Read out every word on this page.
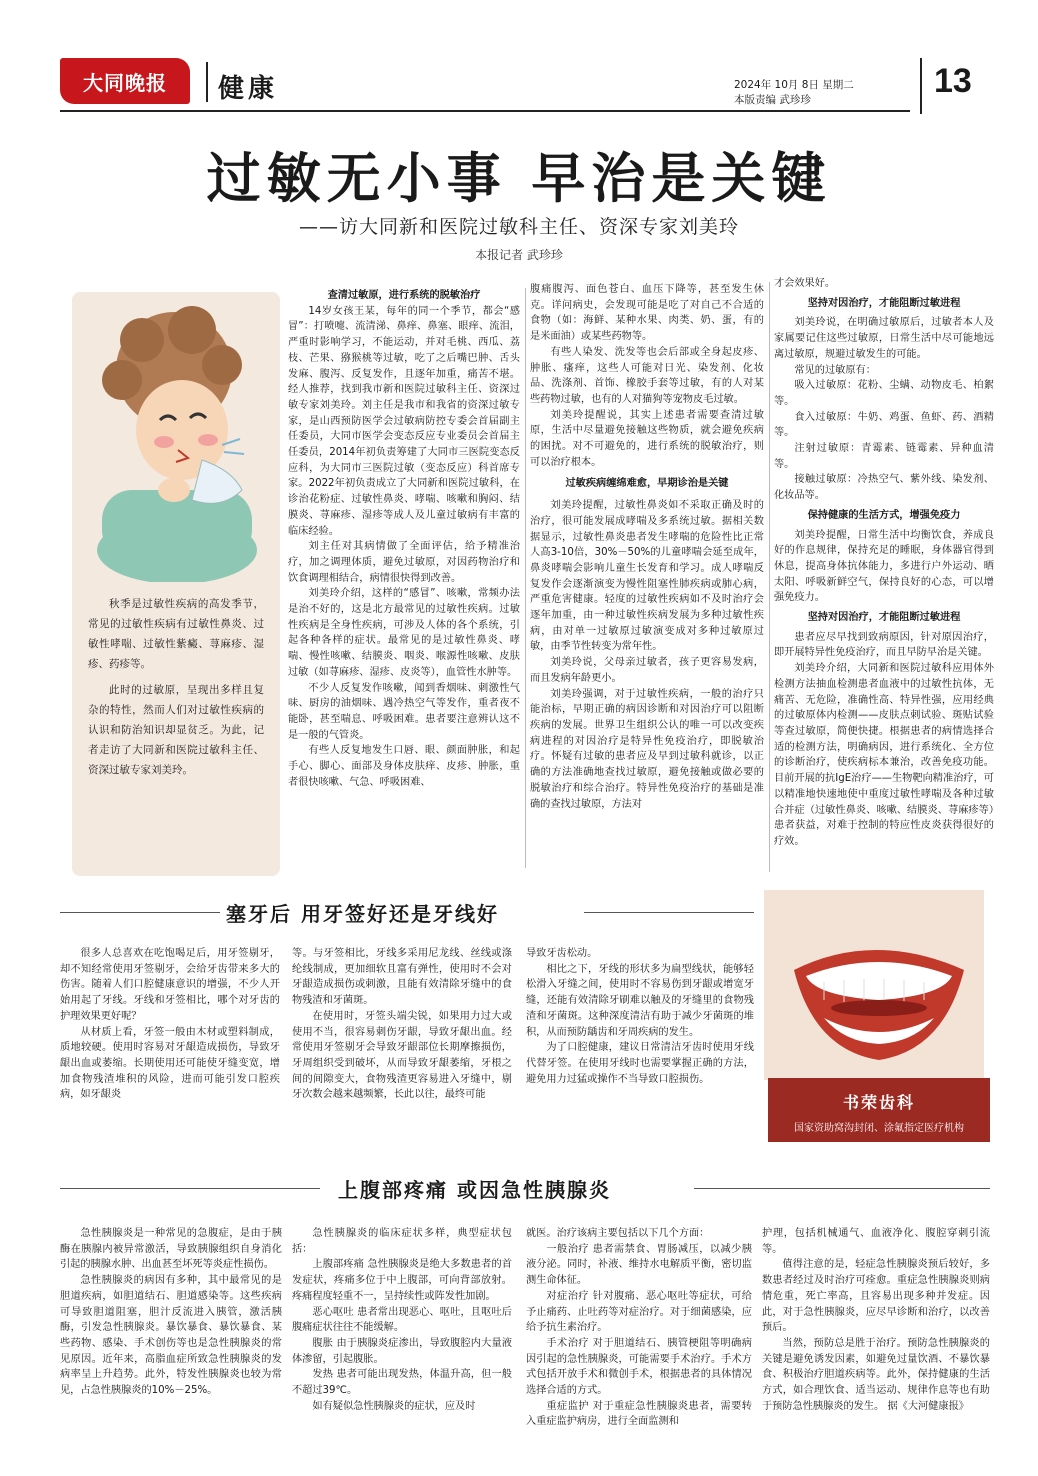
大同晚报	健康	2024年 10月 8日 星期二
本版责编 武珍珍	13
过敏无小事 早治是关键
——访大同新和医院过敏科主任、资深专家刘美玲
本报记者 武珍珍

秋季是过敏性疾病的高发季节，常见的过敏性疾病有过敏性鼻炎、过敏性哮喘、过敏性紫癜、荨麻疹、湿疹、药疹等。

此时的过敏原，呈现出多样且复杂的特性，然而人们对过敏性疾病的认识和防治知识却显贫乏。为此，记者走访了大同新和医院过敏科主任、资深过敏专家刘美玲。

查清过敏原，进行系统的脱敏治疗

14岁女孩王某，每年的同一个季节，都会“感冒”：打喷嚏、流清涕、鼻痒、鼻塞、眼痒、流泪，严重时影响学习，不能运动，并对毛桃、西瓜、荔枝、芒果、猕猴桃等过敏，吃了之后嘴巴肿、舌头发麻、腹泻、反复发作，且逐年加重，痛苦不堪。经人推荐，找到我市新和医院过敏科主任、资深过敏专家刘美玲。刘主任是我市和我省的资深过敏专家，是山西预防医学会过敏病防控专委会首届副主任委员，大同市医学会变态反应专业委员会首届主任委员，2014年初负责筹建了大同市三医院变态反应科，为大同市三医院过敏（变态反应）科首席专家。2022年初负责成立了大同新和医院过敏科，在诊治花粉症、过敏性鼻炎、哮喘、咳嗽和胸闷、结膜炎、荨麻疹、湿疹等成人及儿童过敏病有丰富的临床经验。

刘主任对其病情做了全面评估，给予精准治疗，加之调理体质，避免过敏原，对因药物治疗和饮食调理相结合，病情很快得到改善。

刘美玲介绍，这样的“感冒”、咳嗽，常频办法是治不好的，这是北方最常见的过敏性疾病。过敏性疾病是全身性疾病，可涉及人体的各个系统，引起各种各样的症状。最常见的是过敏性鼻炎、哮喘、慢性咳嗽、结膜炎、咽炎、喉源性咳嗽、皮肤过敏（如荨麻疹、湿疹、皮炎等），血管性水肿等。

不少人反复发作咳嗽，闻到香烟味、刺激性气味、厨房的油烟味、遇冷热空气等发作，重者夜不能卧，甚至喘息、呼吸困难。患者要注意辨认这不是一般的气管炎。

有些人反复地发生口唇、眼、颜面肿胀，和起手心、脚心、面部及身体皮肤痒、皮疹、肿胀，重者很快咳嗽、气急、呼吸困难、

腹痛腹泻、面色苍白、血压下降等，甚至发生休克。详问病史，会发现可能是吃了对自己不合适的食物（如：海鲜、某种水果、肉类、奶、蛋，有的是米面油）或某些药物等。

有些人染发、洗发等也会后部或全身起皮疹、肿胀、瘙痒，这些人可能对日光、染发剂、化妆品、洗涤剂、首饰、橡胶手套等过敏，有的人对某些药物过敏，也有的人对猫狗等宠物皮毛过敏。

刘美玲提醒说，其实上述患者需要查清过敏原，生活中尽量避免接触这些物质，就会避免疾病的困扰。对不可避免的，进行系统的脱敏治疗，则可以治疗根本。

过敏疾病缠绵难愈，早期诊治是关键

刘美玲提醒，过敏性鼻炎如不采取正确及时的治疗，很可能发展成哮喘及多系统过敏。据相关数据显示，过敏性鼻炎患者发生哮喘的危险性比正常人高3-10倍，30%－50%的儿童哮喘会延至成年，鼻炎哮喘会影响儿童生长发育和学习。成人哮喘反复发作会逐渐演变为慢性阻塞性肺疾病或肺心病，严重危害健康。轻度的过敏性疾病如不及时治疗会逐年加重，由一种过敏性疾病发展为多种过敏性疾病，由对单一过敏原过敏演变成对多种过敏原过敏，由季节性转变为常年性。

刘美玲说，父母亲过敏者，孩子更容易发病，而且发病年龄更小。

刘美玲强调，对于过敏性疾病，一般的治疗只能治标，早期正确的病因诊断和对因治疗可以阻断疾病的发展。世界卫生组织公认的唯一可以改变疾病进程的对因治疗是特异性免疫治疗，即脱敏治疗。怀疑有过敏的患者应及早到过敏科就诊，以正确的方法准确地查找过敏原，避免接触或做必要的脱敏治疗和综合治疗。特异性免疫治疗的基础是准确的查找过敏原，方法对

才会效果好。

坚持对因治疗，才能阻断过敏进程

刘美玲说，在明确过敏原后，过敏者本人及家属要记住这些过敏原，日常生活中尽可能地远离过敏原，规避过敏发生的可能。

常见的过敏原有：

吸入过敏原：花粉、尘螨、动物皮毛、柏絮等。

食入过敏原：牛奶、鸡蛋、鱼虾、药、酒精等。

注射过敏原：青霉素、链霉素、异种血清等。

接触过敏原：冷热空气、紫外线、染发剂、化妆品等。

保持健康的生活方式，增强免疫力

刘美玲提醒，日常生活中均衡饮食，养成良好的作息规律，保持充足的睡眠，身体器官得到休息，提高身体抗体能力，多进行户外运动、晒太阳、呼吸新鲜空气，保持良好的心态，可以增强免疫力。

坚持对因治疗，才能阻断过敏进程

患者应尽早找到致病原因，针对原因治疗，即开展特异性免疫治疗，而且早防早治是关键。

刘美玲介绍，大同新和医院过敏科应用体外检测方法抽血检测患者血液中的过敏性抗体，无痛苦、无危险，准确性高、特异性强，应用经典的过敏原体内检测——皮肤点刺试验、斑贴试验等查过敏原，简便快捷。根据患者的病情选择合适的检测方法，明确病因，进行系统化、全方位的诊断治疗，使疾病标本兼治，改善免疫功能。目前开展的抗IgE治疗——生物靶向精准治疗，可以精准地快速地使中重度过敏性哮喘及各种过敏合并症（过敏性鼻炎、咳嗽、结膜炎、荨麻疹等）患者获益，对难于控制的特应性皮炎获得很好的疗效。

塞牙后 用牙签好还是牙线好

很多人总喜欢在吃饱喝足后，用牙签剔牙，却不知经常使用牙签剔牙，会给牙齿带来多大的伤害。随着人们口腔健康意识的增强，不少人开始用起了牙线。牙线和牙签相比，哪个对牙齿的护理效果更好呢？

从材质上看，牙签一般由木材或塑料制成，质地较硬。使用时容易对牙龈造成损伤，导致牙龈出血或萎缩。长期使用还可能使牙缝变宽，增加食物残渣堆积的风险，进而可能引发口腔疾病，如牙龈炎

等。与牙签相比，牙线多采用尼龙线、丝线或涤纶线制成，更加细软且富有弹性，使用时不会对牙龈造成损伤或刺激，且能有效清除牙缝中的食物残渣和牙菌斑。

在使用时，牙签头端尖锐，如果用力过大或使用不当，很容易刺伤牙龈，导致牙龈出血。经常使用牙签剔牙会导致牙龈部位长期摩擦损伤，牙周组织受到破坏，从而导致牙龈萎缩，牙根之间的间隙变大，食物残渣更容易进入牙缝中，剔牙次数会越来越频繁，长此以往，最终可能

导致牙齿松动。

相比之下，牙线的形状多为扁型线状，能够轻松滑入牙缝之间，使用时不容易伤到牙龈或增宽牙缝，还能有效清除牙刷难以触及的牙缝里的食物残渣和牙菌斑。这种深度清洁有助于减少牙菌斑的堆积，从而预防龋齿和牙周疾病的发生。

为了口腔健康，建议日常清洁牙齿时使用牙线代替牙签。在使用牙线时也需要掌握正确的方法，避免用力过猛或操作不当导致口腔损伤。

书荣齿科
国家资助窝沟封闭、涂氟指定医疗机构
上腹部疼痛 或因急性胰腺炎

急性胰腺炎是一种常见的急腹症，是由于胰酶在胰腺内被异常激活，导致胰腺组织自身消化引起的胰腺水肿、出血甚至坏死等炎症性损伤。

急性胰腺炎的病因有多种，其中最常见的是胆道疾病，如胆道结石、胆道感染等。这些疾病可导致胆道阻塞，胆汁反流进入胰管，激活胰酶，引发急性胰腺炎。暴饮暴食、暴饮暴食、某些药物、感染、手术创伤等也是急性胰腺炎的常见原因。近年来，高脂血症所致急性胰腺炎的发病率呈上升趋势。此外，特发性胰腺炎也较为常见，占急性胰腺炎的10%－25%。

急性胰腺炎的临床症状多样，典型症状包括：

上腹部疼痛 急性胰腺炎是绝大多数患者的首发症状，疼痛多位于中上腹部，可向背部放射。疼痛程度轻重不一，呈持续性或阵发性加剧。

恶心呕吐 患者常出现恶心、呕吐，且呕吐后腹痛症状往往不能缓解。

腹胀 由于胰腺炎症渗出，导致腹腔内大量液体渗留，引起腹胀。

发热 患者可能出现发热，体温升高，但一般不超过39℃。

如有疑似急性胰腺炎的症状，应及时

就医。治疗该病主要包括以下几个方面：

一般治疗 患者需禁食、胃肠减压，以减少胰液分泌。同时，补液、维持水电解质平衡，密切监测生命体征。

对症治疗 针对腹痛、恶心呕吐等症状，可给予止痛药、止吐药等对症治疗。对于细菌感染，应给予抗生素治疗。

手术治疗 对于胆道结石、胰管梗阻等明确病因引起的急性胰腺炎，可能需要手术治疗。手术方式包括开放手术和微创手术，根据患者的具体情况选择合适的方式。

重症监护 对于重症急性胰腺炎患者，需要转入重症监护病房，进行全面监测和

护理，包括机械通气、血液净化、腹腔穿刺引流等。

值得注意的是，轻症急性胰腺炎预后较好，多数患者经过及时治疗可痊愈。重症急性胰腺炎则病情危重，死亡率高，且容易出现多种并发症。因此，对于急性胰腺炎，应尽早诊断和治疗，以改善预后。

当然，预防总是胜于治疗。预防急性胰腺炎的关键是避免诱发因素，如避免过量饮酒、不暴饮暴食、积极治疗胆道疾病等。此外，保持健康的生活方式，如合理饮食、适当运动、规律作息等也有助于预防急性胰腺炎的发生。 据《大河健康报》
